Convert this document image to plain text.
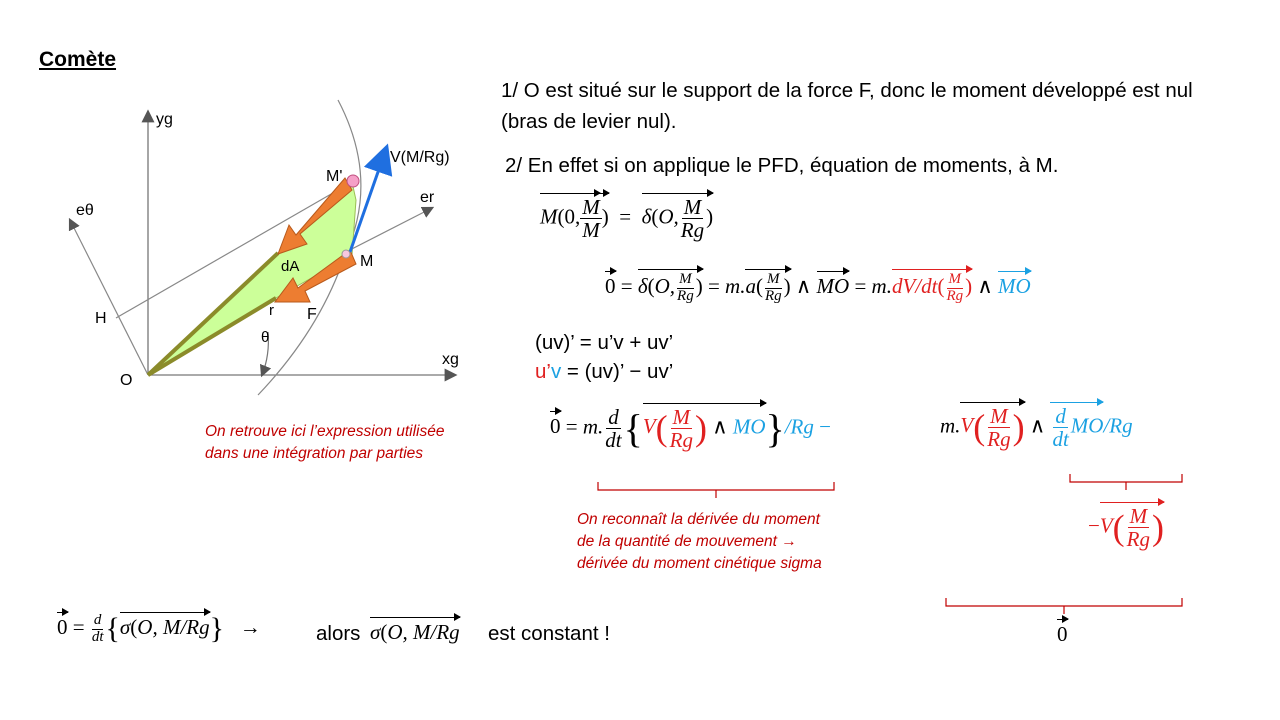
Comète
yg
xg
eθ
er
V(M/Rg)
M'
M
dA
H
O
r F
θ
On retrouve ici l’expression utilisée
dans une intégration par parties
1/ O est situé sur le support de la force F, donc le moment développé est nul
(bras de levier nul).
2/ En effet si on applique le PFD, équation de moments, à M.
M(0, $\frac{M}{M}$ )  =  δ(O, $\frac{M}{Rg}$ )
0 = δ(O, $\frac{M}{Rg}$ ) = $m.a( \frac{M}{Rg}$ ) ∧ MO = $m.dV/dt( \frac{M}{Rg}$ ) ∧ MO
(uv)’ = u’v + uv’
u’v = (uv)’ − uv’
0 = m. $\frac{d}{dt} \{V( \frac{M}{Rg}$ ) ∧ MO}/Rg −	$m.V( \frac{M}{Rg}$ ) ∧ $\frac{d}{dt} MO/Rg$
On reconnaît la dérivée du moment
de la quantité de mouvement →
dérivée du moment cinétique sigma
$-V( \frac{M}{Rg}$ )
0
$0 = \frac{d}{dt} \{\sigma(O$, M/Rg}   → alors σ(O, M/Rg est constant !
